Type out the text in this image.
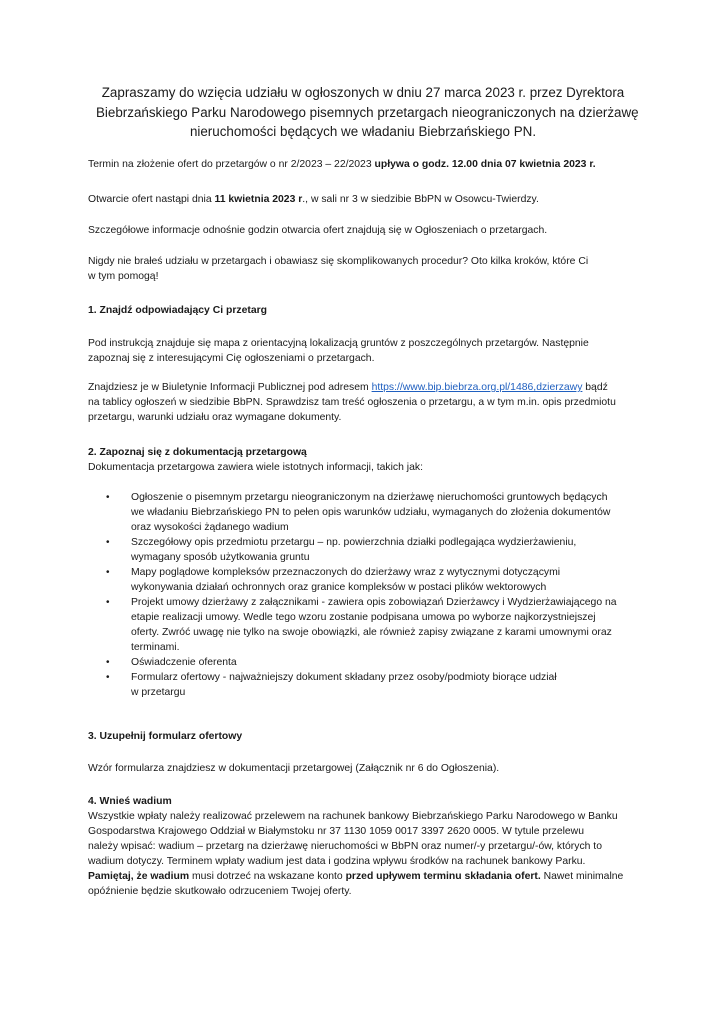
Zapraszamy do wzięcia udziału w ogłoszonych w dniu 27 marca 2023 r. przez Dyrektora
Biebrzańskiego Parku Narodowego pisemnych przetargach nieograniczonych na dzierżawę
nieruchomości będących we władaniu Biebrzańskiego PN.
Termin na złożenie ofert do przetargów o nr 2/2023 – 22/2023 upływa o godz. 12.00 dnia 07 kwietnia 2023 r.
Otwarcie ofert nastąpi dnia 11 kwietnia 2023 r., w sali nr 3 w siedzibie BbPN w Osowcu-Twierdzy.
Szczegółowe informacje odnośnie godzin otwarcia ofert znajdują się w Ogłoszeniach o przetargach.

Nigdy nie brałeś udziału w przetargach i obawiasz się skomplikowanych procedur? Oto kilka kroków, które Ci

w tym pomogą!

1. Znajdź odpowiadający Ci przetarg

Pod instrukcją znajduje się mapa z orientacyjną lokalizacją gruntów z poszczególnych przetargów. Następnie

zapoznaj się z interesującymi Cię ogłoszeniami o przetargach.

Znajdziesz je w Biuletynie Informacji Publicznej pod adresem https://www.bip.biebrza.org.pl/1486,dzierzawy bądź

na tablicy ogłoszeń w siedzibie BbPN. Sprawdzisz tam treść ogłoszenia o przetargu, a w tym m.in. opis przedmiotu

przetargu, warunki udziału oraz wymagane dokumenty.

2. Zapoznaj się z dokumentacją przetargową
Dokumentacja przetargowa zawiera wiele istotnych informacji, takich jak:
• Ogłoszenie o pisemnym przetargu nieograniczonym na dzierżawę nieruchomości gruntowych będących
we władaniu Biebrzańskiego PN to pełen opis warunków udziału, wymaganych do złożenia dokumentów
oraz wysokości żądanego wadium
• Szczegółowy opis przedmiotu przetargu – np. powierzchnia działki podlegająca wydzierżawieniu,
wymagany sposób użytkowania gruntu
• Mapy poglądowe kompleksów przeznaczonych do dzierżawy wraz z wytycznymi dotyczącymi
wykonywania działań ochronnych oraz granice kompleksów w postaci plików wektorowych
• Projekt umowy dzierżawy z załącznikami - zawiera opis zobowiązań Dzierżawcy i Wydzierżawiającego na
etapie realizacji umowy. Wedle tego wzoru zostanie podpisana umowa po wyborze najkorzystniejszej
oferty. Zwróć uwagę nie tylko na swoje obowiązki, ale również zapisy związane z karami umownymi oraz
terminami.
• Oświadczenie oferenta
• Formularz ofertowy - najważniejszy dokument składany przez osoby/podmioty biorące udział
w przetargu
3. Uzupełnij formularz ofertowy
Wzór formularza znajdziesz w dokumentacji przetargowej (Załącznik nr 6 do Ogłoszenia).
4. Wnieś wadium

Wszystkie wpłaty należy realizować przelewem na rachunek bankowy Biebrzańskiego Parku Narodowego w Banku

Gospodarstwa Krajowego Oddział w Białymstoku nr 37 1130 1059 0017 3397 2620 0005. W tytule przelewu

należy wpisać: wadium – przetarg na dzierżawę nieruchomości w BbPN oraz numer/-y przetargu/-ów, których to

wadium dotyczy. Terminem wpłaty wadium jest data i godzina wpływu środków na rachunek bankowy Parku.

Pamiętaj, że wadium musi dotrzeć na wskazane konto przed upływem terminu składania ofert. Nawet minimalne

opóźnienie będzie skutkowało odrzuceniem Twojej oferty.
